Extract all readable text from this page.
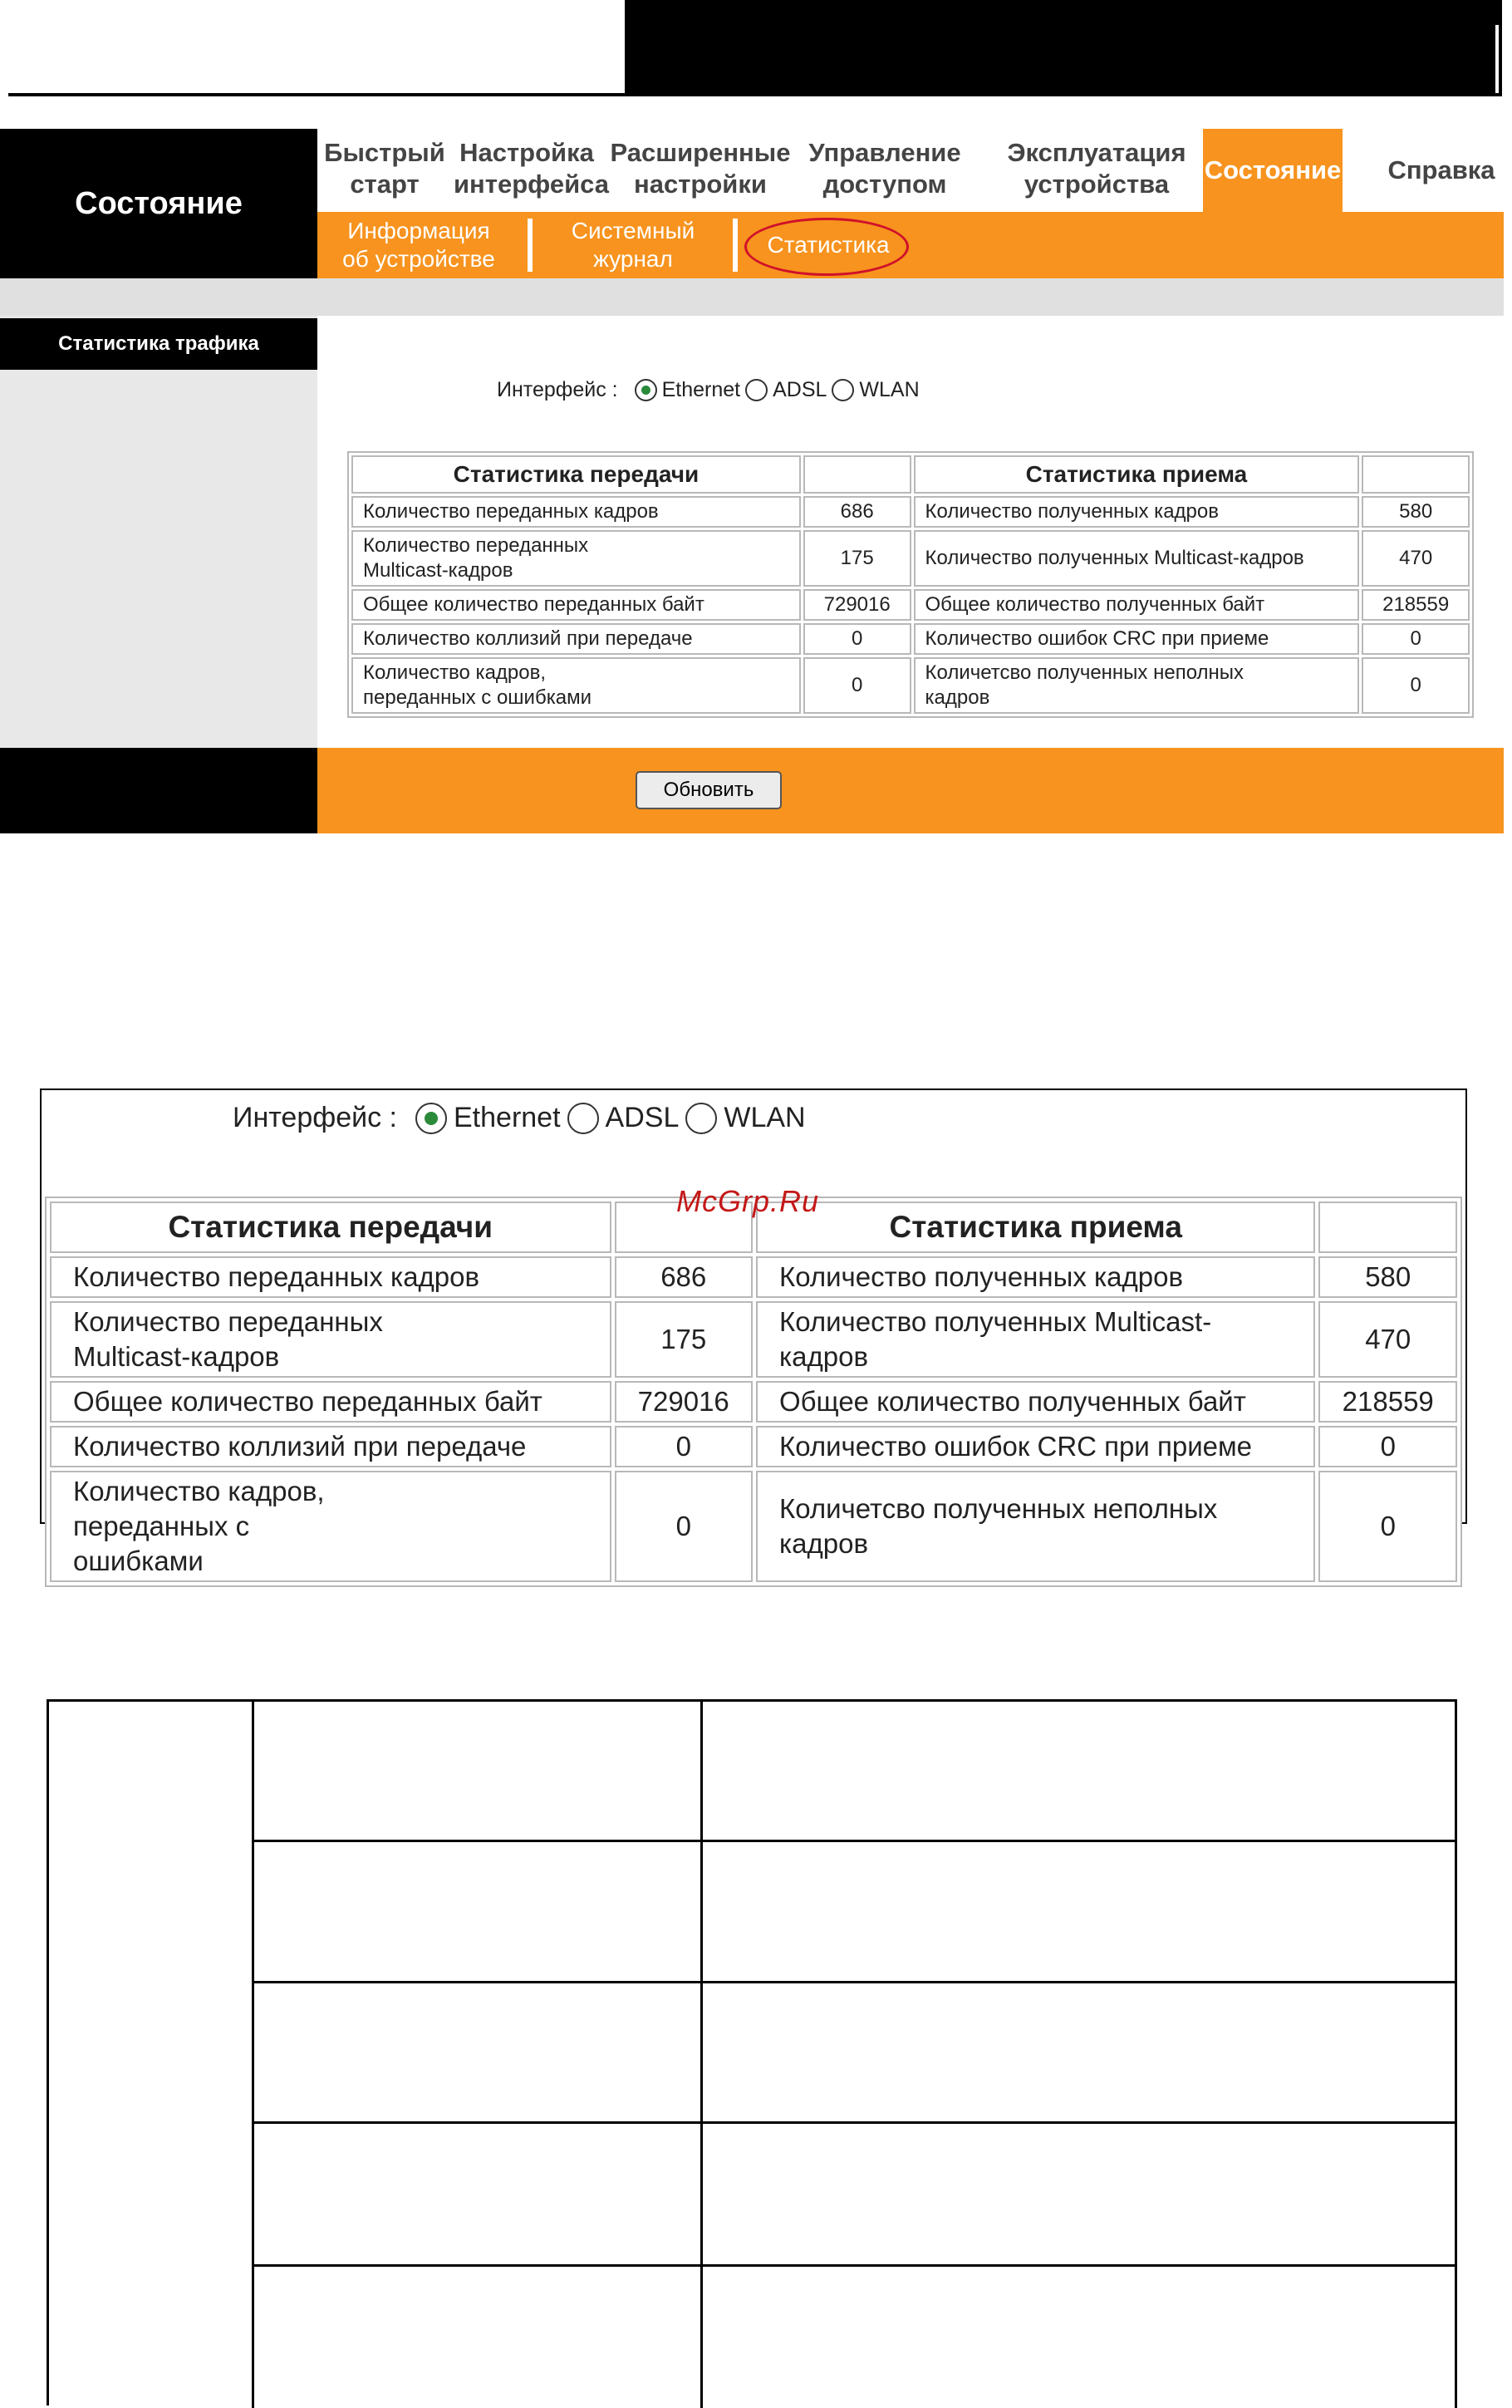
Состояние
Быстрый старт
Настройка интерфейса
Расширенные настройки
Управление доступом
Эксплуатация устройства	Состояние Справка
Информация об устройстве
Системный журнал
Статистика
Статистика трафика
Интерфейс : Ethernet ADSL WLAN
Статистика передачи		Статистика приема	
Количество переданных кадров	686	Количество полученных кадров	580
Количество переданных Multicast-кадров	175	Количество полученных Multicast-кадров	470
Общее количество переданных байт	729016	Общее количество полученных байт	218559
Количество коллизий при передаче	0	Количество ошибок CRC при приеме	0
Количество кадров, переданных с ошибками	0	Количетсво полученных неполных кадров	0
Обновить
Интерфейс : Ethernet ADSL WLAN
Статистика передачи		Статистика приема	
Количество переданных кадров	686	Количество полученных кадров	580
Количество переданных Multicast-кадров	175	Количество полученных Multicast-кадров	470
Общее количество переданных байт	729016	Общее количество полученных байт	218559
Количество коллизий при передаче	0	Количество ошибок CRC при приеме	0
Количество кадров, переданных с ошибками	0	Количетсво полученных неполных кадров	0
McGrp.Ru
